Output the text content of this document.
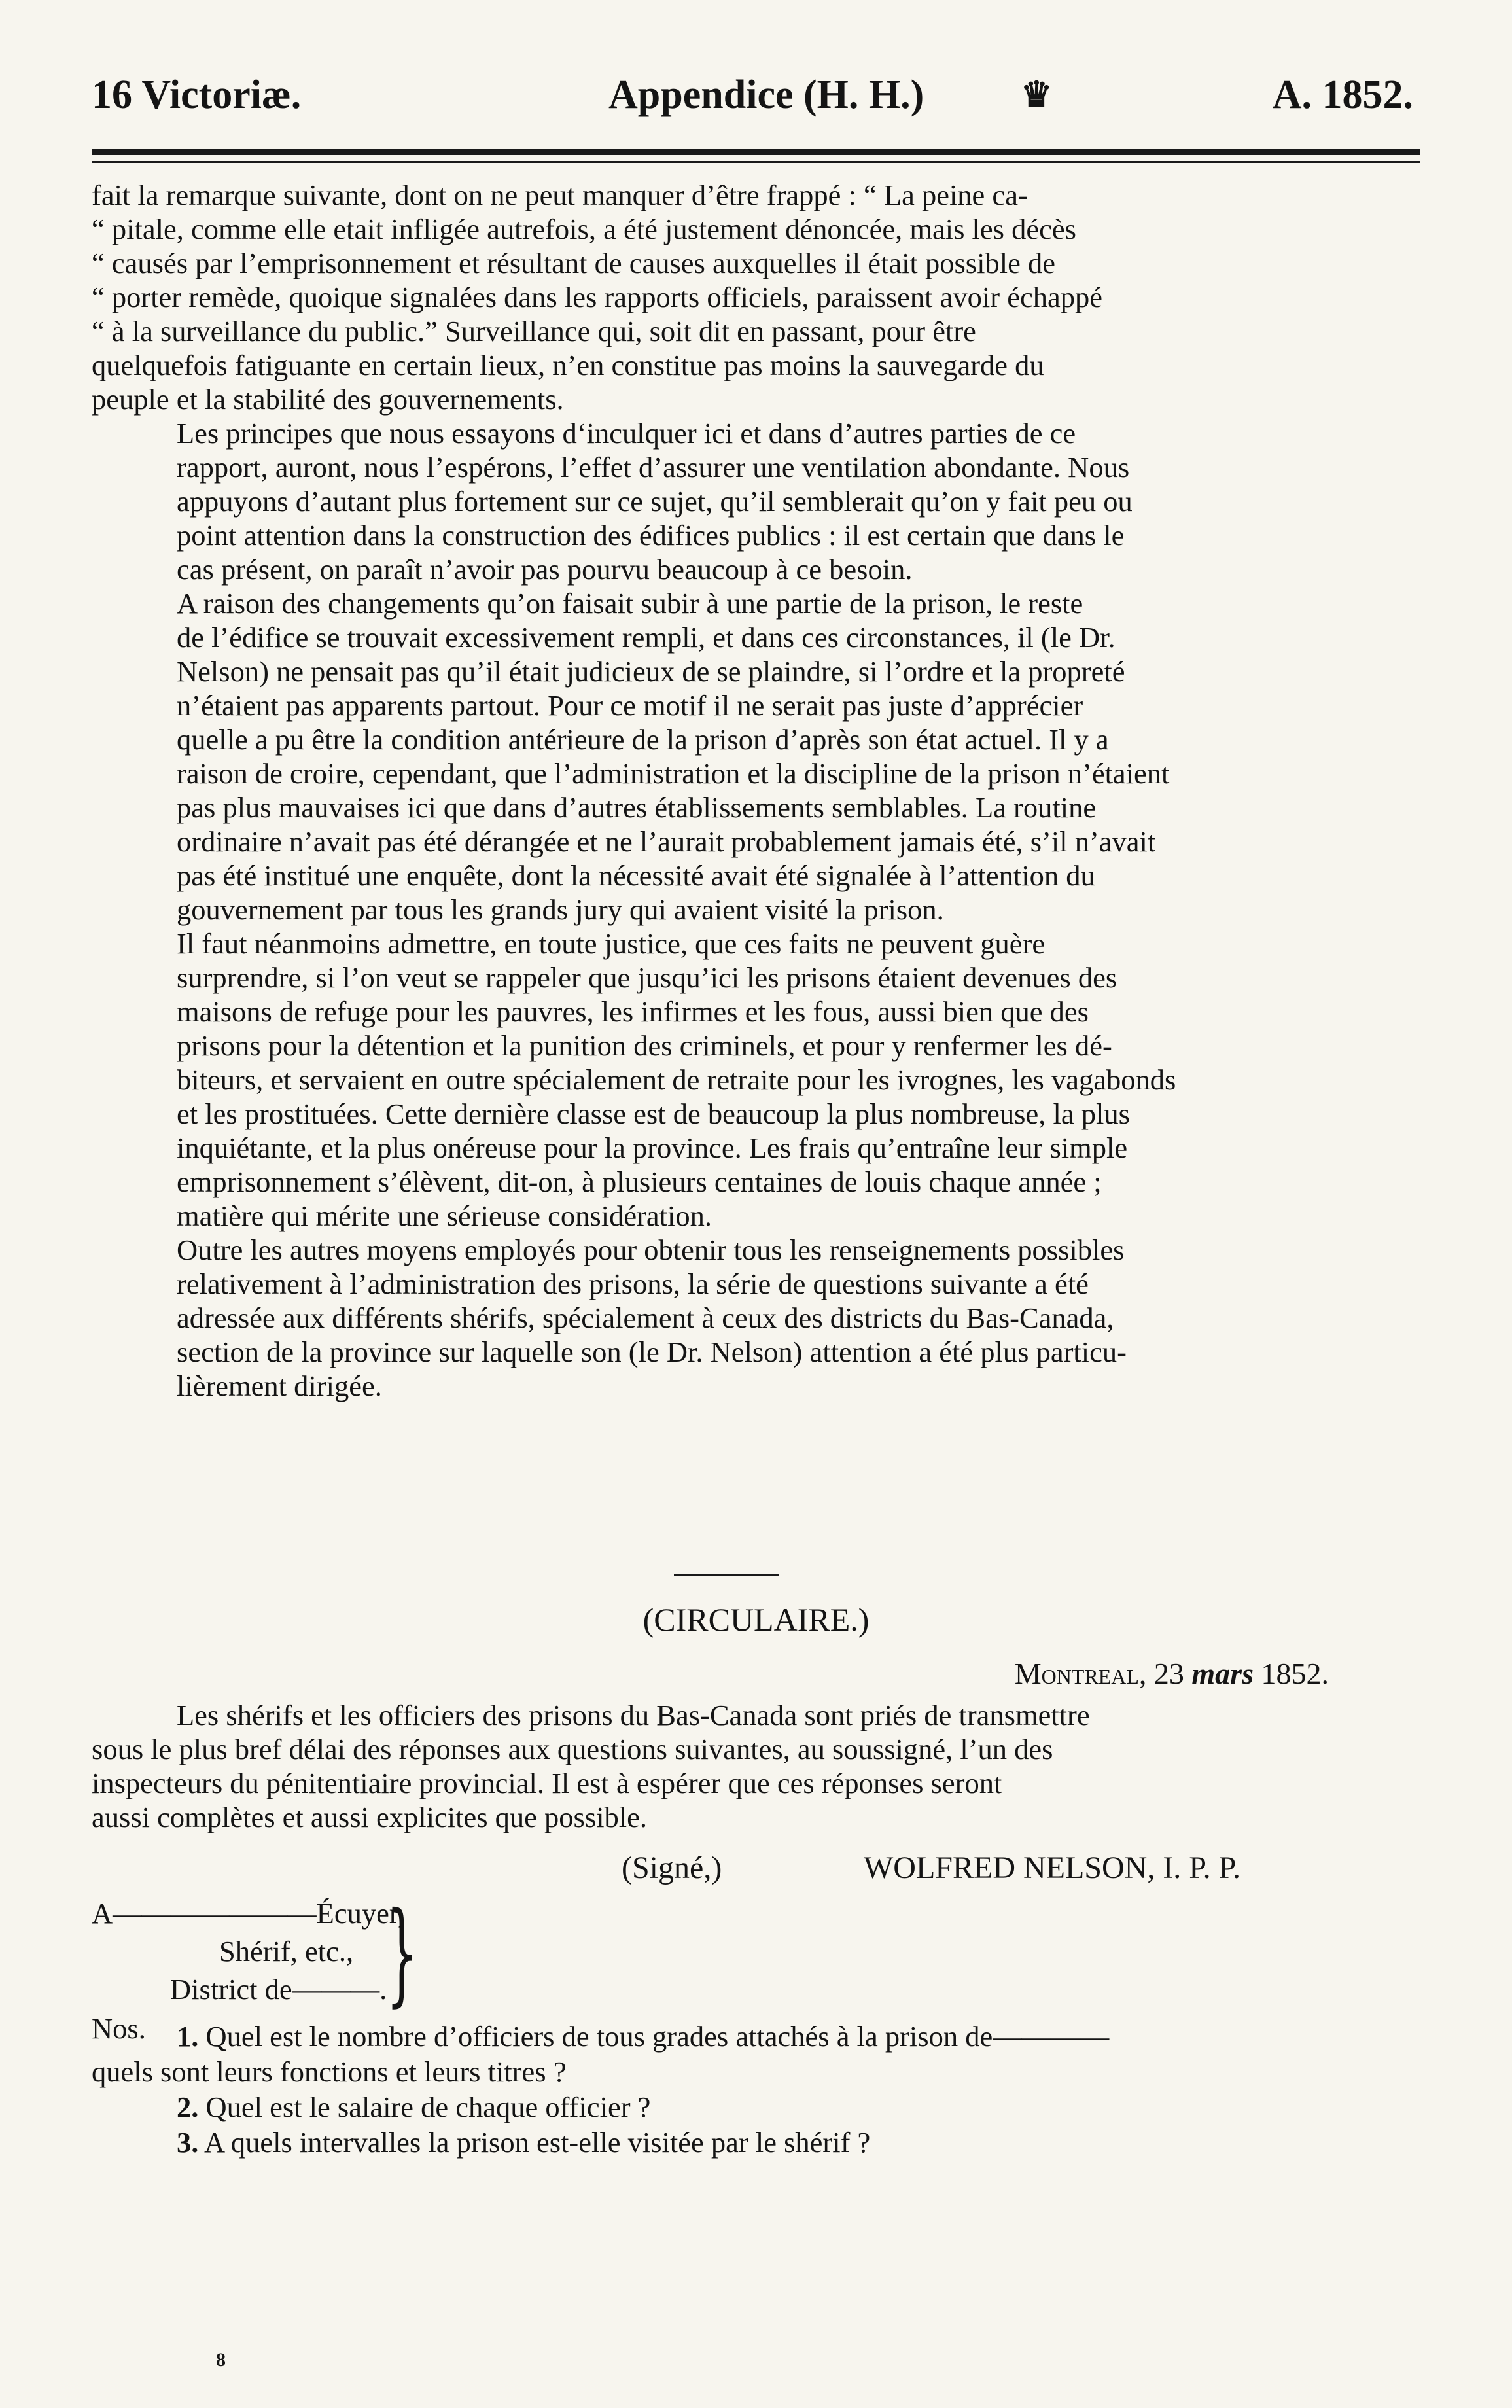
16 Victoriæ.	Appendice (H. H.)	♛	A. 1852.

fait la remarque suivante, dont on ne peut manquer d’être frappé : “ La peine ca-
“ pitale, comme elle etait infligée autrefois, a été justement dénoncée, mais les décès
“ causés par l’emprisonnement et résultant de causes auxquelles il était possible de
“ porter remède, quoique signalées dans les rapports officiels, paraissent avoir échappé
“ à la surveillance du public.” Surveillance qui, soit dit en passant, pour être
quelquefois fatiguante en certain lieux, n’en constitue pas moins la sauvegarde du
peuple et la stabilité des gouvernements.

Les principes que nous essayons d‘inculquer ici et dans d’autres parties de ce
rapport, auront, nous l’espérons, l’effet d’assurer une ventilation abondante. Nous
appuyons d’autant plus fortement sur ce sujet, qu’il semblerait qu’on y fait peu ou
point attention dans la construction des édifices publics : il est certain que dans le
cas présent, on paraît n’avoir pas pourvu beaucoup à ce besoin.

A raison des changements qu’on faisait subir à une partie de la prison, le reste
de l’édifice se trouvait excessivement rempli, et dans ces circonstances, il (le Dr.
Nelson) ne pensait pas qu’il était judicieux de se plaindre, si l’ordre et la propreté
n’étaient pas apparents partout. Pour ce motif il ne serait pas juste d’apprécier
quelle a pu être la condition antérieure de la prison d’après son état actuel. Il y a
raison de croire, cependant, que l’administration et la discipline de la prison n’étaient
pas plus mauvaises ici que dans d’autres établissements semblables. La routine
ordinaire n’avait pas été dérangée et ne l’aurait probablement jamais été, s’il n’avait
pas été institué une enquête, dont la nécessité avait été signalée à l’attention du
gouvernement par tous les grands jury qui avaient visité la prison.

Il faut néanmoins admettre, en toute justice, que ces faits ne peuvent guère
surprendre, si l’on veut se rappeler que jusqu’ici les prisons étaient devenues des
maisons de refuge pour les pauvres, les infirmes et les fous, aussi bien que des
prisons pour la détention et la punition des criminels, et pour y renfermer les dé-
biteurs, et servaient en outre spécialement de retraite pour les ivrognes, les vagabonds
et les prostituées. Cette dernière classe est de beaucoup la plus nombreuse, la plus
inquiétante, et la plus onéreuse pour la province. Les frais qu’entraîne leur simple
emprisonnement s’élèvent, dit-on, à plusieurs centaines de louis chaque année ;
matière qui mérite une sérieuse considération.

Outre les autres moyens employés pour obtenir tous les renseignements possibles
relativement à l’administration des prisons, la série de questions suivante a été
adressée aux différents shérifs, spécialement à ceux des districts du Bas-Canada,
section de la province sur laquelle son (le Dr. Nelson) attention a été plus particu-
lièrement dirigée.

(CIRCULAIRE.)
Montreal, 23 mars 1852.

Les shérifs et les officiers des prisons du Bas-Canada sont priés de transmettre
sous le plus bref délai des réponses aux questions suivantes, au soussigné, l’un des
inspecteurs du pénitentiaire provincial. Il est à espérer que ces réponses seront
aussi complètes et aussi explicites que possible.

(Signé,)	WOLFRED NELSON, I. P. P.
A———————Écuyer,
Shérif, etc.,
District de———.
Nos.
}
1. Quel est le nombre d’officiers de tous grades attachés à la prison de————
quels sont leurs fonctions et leurs titres ?
2. Quel est le salaire de chaque officier ?
3. A quels intervalles la prison est-elle visitée par le shérif ?
8
